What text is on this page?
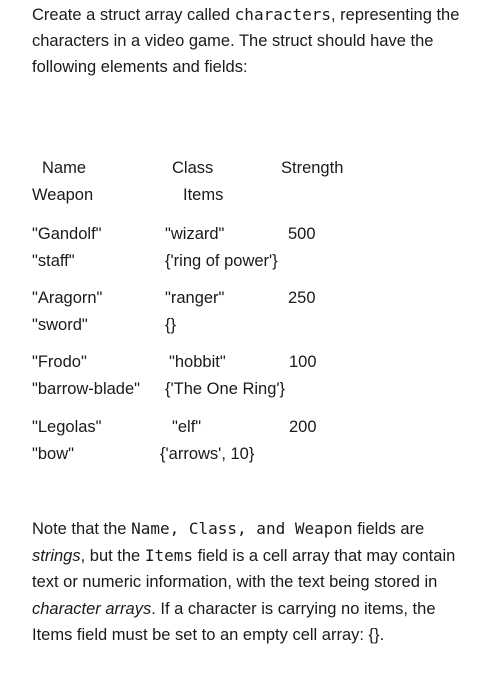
Create a struct array called characters, representing the characters in a video game. The struct should have the following elements and fields:
Name	Class	Strength
Weapon	Items
"Gandolf"	"wizard"	500
"staff"	{'ring of power'}
"Aragorn"	"ranger"	250
"sword"	{}
"Frodo"	"hobbit"	100
"barrow-blade" {'The One Ring'}
"Legolas"	"elf"	200
"bow"	{'arrows', 10}
Note that the Name, Class, and Weapon fields are strings, but the Items field is a cell array that may contain text or numeric information, with the text being stored in character arrays. If a character is carrying no items, the Items field must be set to an empty cell array: {}.
